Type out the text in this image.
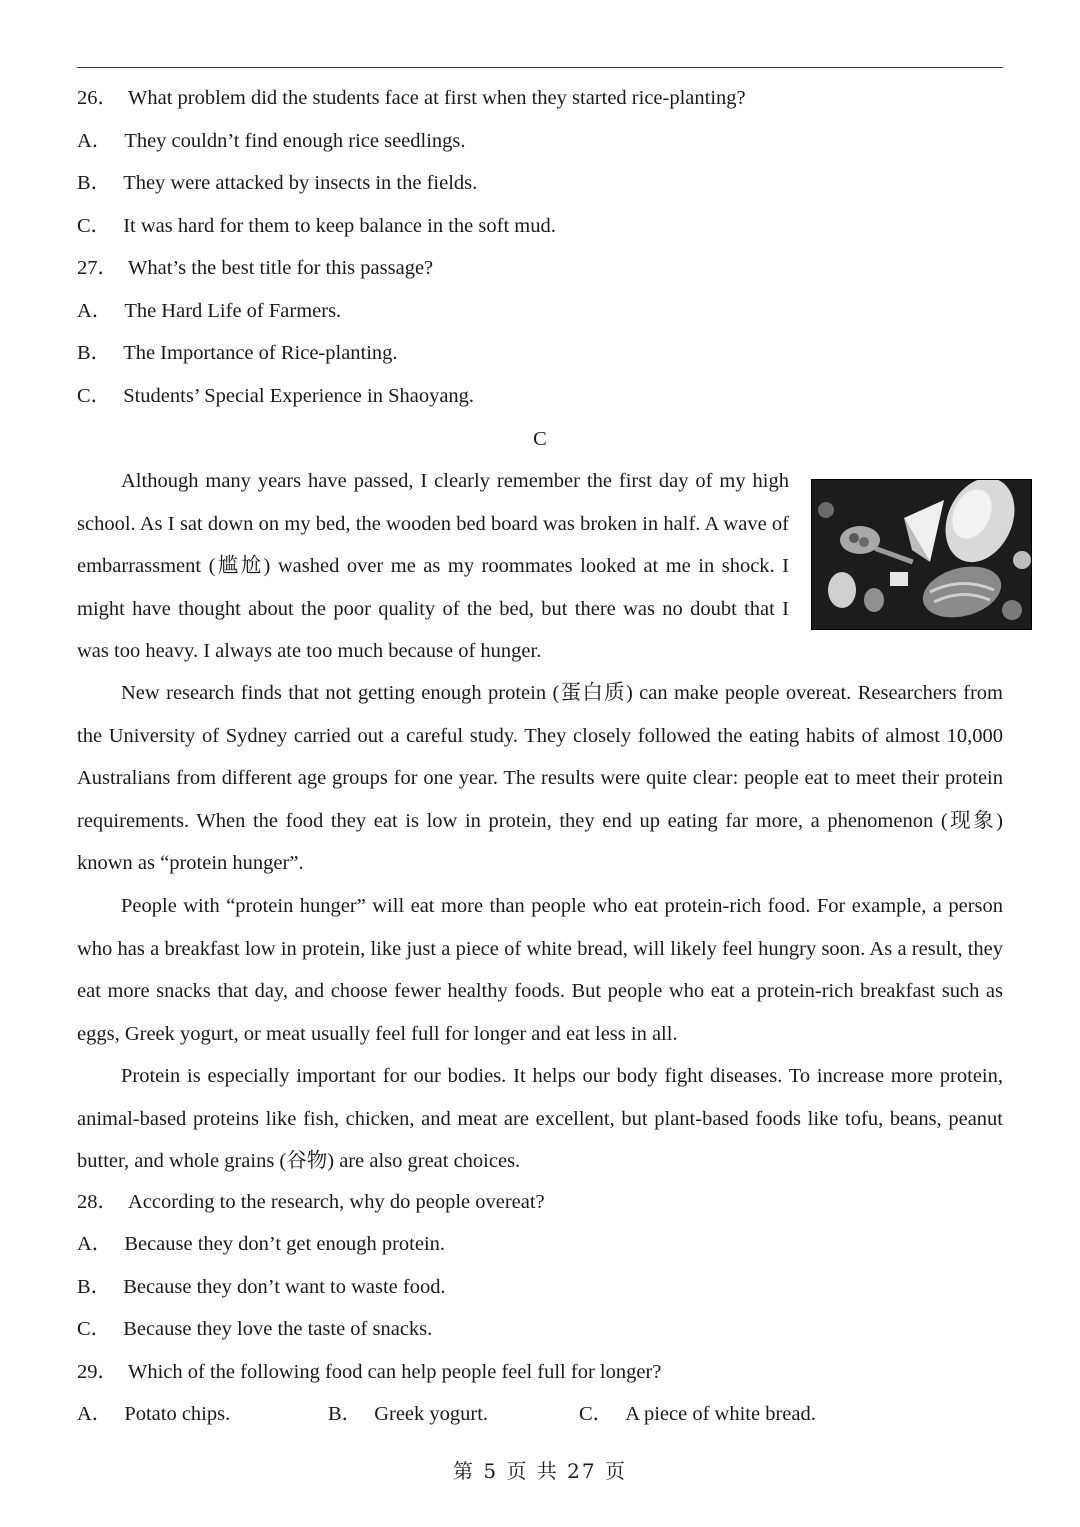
26． What problem did the students face at first when they started rice-planting?
A． They couldn’t find enough rice seedlings.
B． They were attacked by insects in the fields.
C． It was hard for them to keep balance in the soft mud.
27． What’s the best title for this passage?
A． The Hard Life of Farmers.
B． The Importance of Rice-planting.
C． Students’ Special Experience in Shaoyang.
C

Although many years have passed, I clearly remember the first day of my high school. As I sat down on my bed, the wooden bed board was broken in half. A wave of embarrassment (尴尬) washed over me as my roommates looked at me in shock. I might have thought about the poor quality of the bed, but there was no doubt that I was too heavy. I always ate too much because of hunger.

New research finds that not getting enough protein (蛋白质) can make people overeat. Researchers from the University of Sydney carried out a careful study. They closely followed the eating habits of almost 10,000 Australians from different age groups for one year. The results were quite clear: people eat to meet their protein requirements. When the food they eat is low in protein, they end up eating far more, a phenomenon (现象) known as “protein hunger”.

People with “protein hunger” will eat more than people who eat protein-rich food. For example, a person who has a breakfast low in protein, like just a piece of white bread, will likely feel hungry soon. As a result, they eat more snacks that day, and choose fewer healthy foods. But people who eat a protein-rich breakfast such as eggs, Greek yogurt, or meat usually feel full for longer and eat less in all.

Protein is especially important for our bodies. It helps our body fight diseases. To increase more protein, animal-based proteins like fish, chicken, and meat are excellent, but plant-based foods like tofu, beans, peanut butter, and whole grains (谷物) are also great choices.

28． According to the research, why do people overeat?
A． Because they don’t get enough protein.
B． Because they don’t want to waste food.
C． Because they love the taste of snacks.
29． Which of the following food can help people feel full for longer?
A． Potato chips.	B． Greek yogurt.	C． A piece of white bread.
第 5 页 共 27 页
